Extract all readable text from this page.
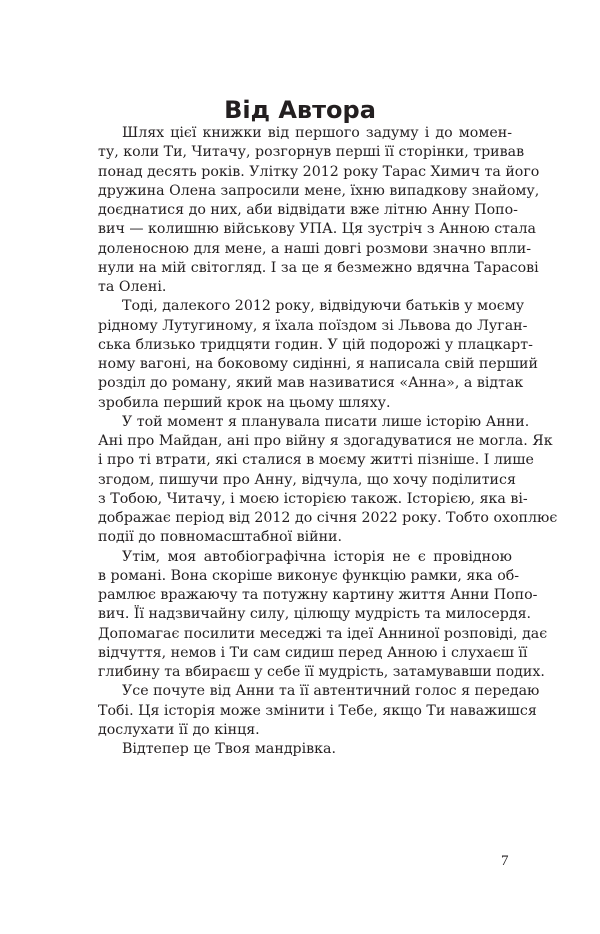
Від Автора
Шлях цієї книжки від першого задуму і до момен-
ту, коли Ти, Читачу, розгорнув перші її сторінки, тривав
понад десять років. Улітку 2012 року Тарас Химич та його
дружина Олена запросили мене, їхню випадкову знайому,
доєднатися до них, аби відвідати вже літню Анну Попо-
вич — колишню військову УПА. Ця зустріч з Анною стала
доленосною для мене, а наші довгі розмови значно впли-
нули на мій світогляд. І за це я безмежно вдячна Тарасові
та Олені.
Тоді, далекого 2012 року, відвідуючи батьків у моєму
рідному Лутугиному, я їхала поїздом зі Львова до Луган-
ська близько тридцяти годин. У цій подорожі у плацкарт-
ному вагоні, на боковому сидінні, я написала свій перший
розділ до роману, який мав називатися «Анна», а відтак
зробила перший крок на цьому шляху.
У той момент я планувала писати лише історію Анни.
Ані про Майдан, ані про війну я здогадуватися не могла. Як
і про ті втрати, які сталися в моєму житті пізніше. І лише
згодом, пишучи про Анну, відчула, що хочу поділитися
з Тобою, Читачу, і моєю історією також. Історією, яка ві-
дображає період від 2012 до січня 2022 року. Тобто охоплює
події до повномасштабної війни.
Утім, моя автобіографічна історія не є провідною
в романі. Вона скоріше виконує функцію рамки, яка об-
рамлює вражаючу та потужну картину життя Анни Попо-
вич. Її надзвичайну силу, цілющу мудрість та милосердя.
Допомагає посилити меседжі та ідеї Анниної розповіді, дає
відчуття, немов і Ти сам сидиш перед Анною і слухаєш її
глибину та вбираєш у себе її мудрість, затамувавши подих.
Усе почуте від Анни та її автентичний голос я передаю
Тобі. Ця історія може змінити і Тебе, якщо Ти наважишся
дослухати її до кінця.
Відтепер це Твоя мандрівка.
7
